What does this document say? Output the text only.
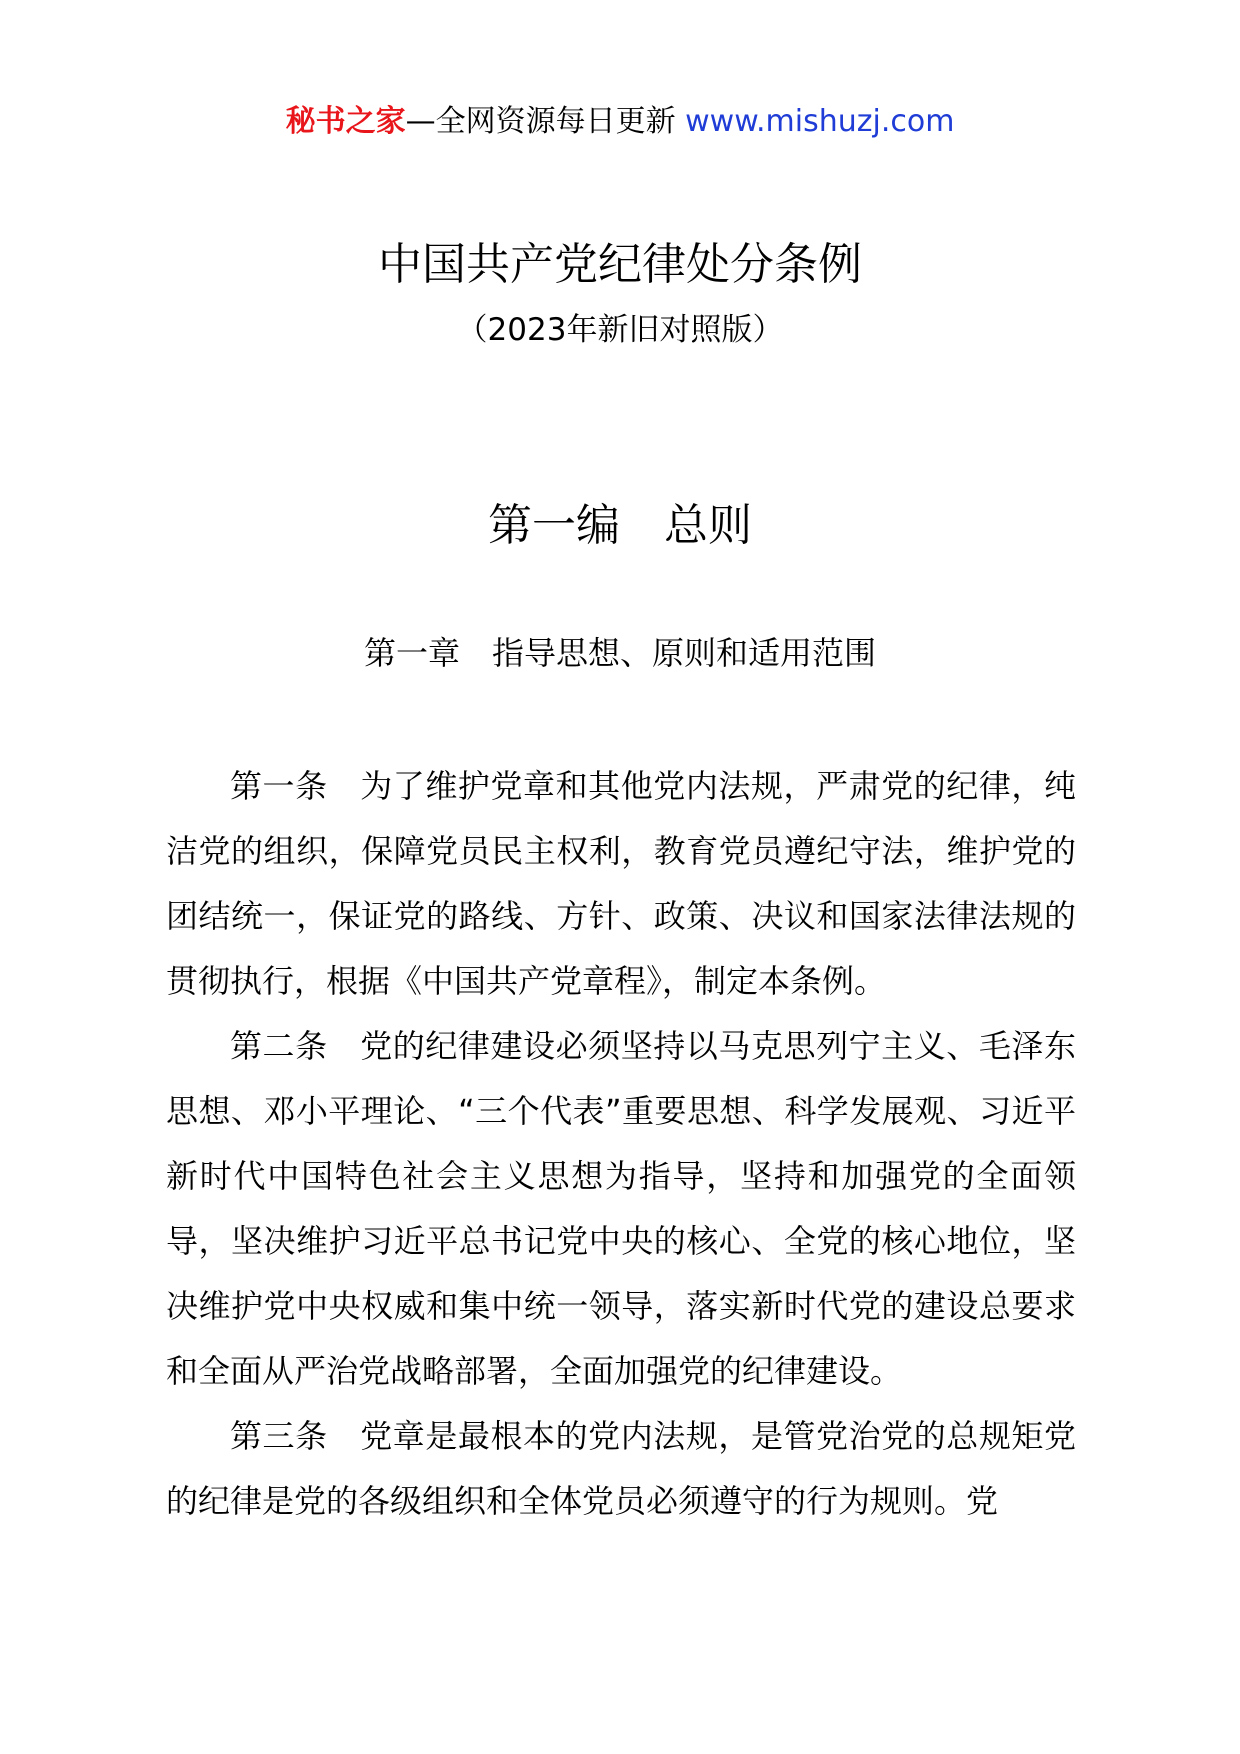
秘书之家—全网资源每日更新 www.mishuzj.com
中国共产党纪律处分条例
（2023年新旧对照版）
第一编　总则
第一章　指导思想、原则和适用范围

第一条　为了维护党章和其他党内法规，严肃党的纪律，纯洁党的组织，保障党员民主权利，教育党员遵纪守法，维护党的团结统一，保证党的路线、方针、政策、决议和国家法律法规的贯彻执行，根据《中国共产党章程》，制定本条例。

第二条　党的纪律建设必须坚持以马克思列宁主义、毛泽东思想、邓小平理论、“三个代表”重要思想、科学发展观、习近平新时代中国特色社会主义思想为指导，坚持和加强党的全面领导，坚决维护习近平总书记党中央的核心、全党的核心地位，坚决维护党中央权威和集中统一领导，落实新时代党的建设总要求和全面从严治党战略部署，全面加强党的纪律建设。

第三条　党章是最根本的党内法规，是管党治党的总规矩党的纪律是党的各级组织和全体党员必须遵守的行为规则。党
